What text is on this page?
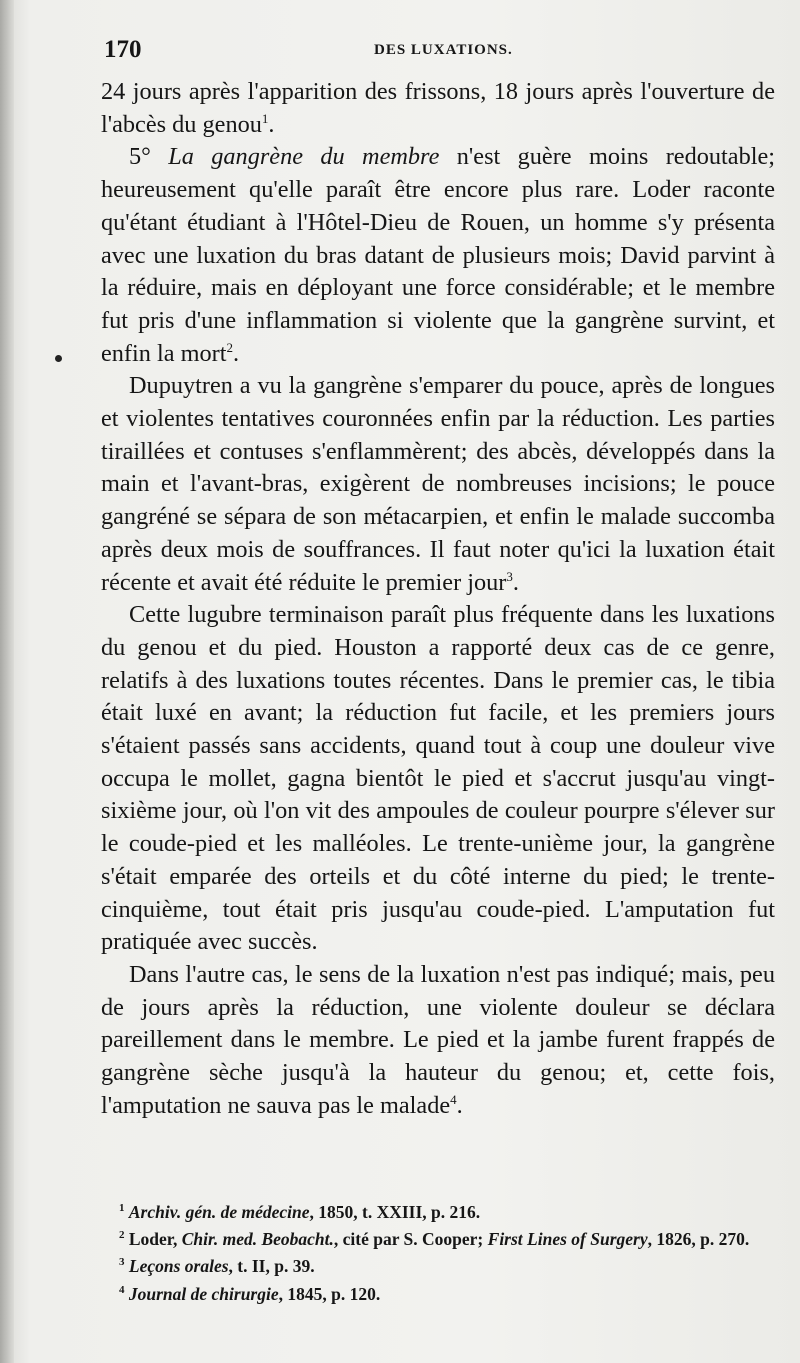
170	DES LUXATIONS.

24 jours après l'apparition des frissons, 18 jours après l'ouverture de l'abcès du genou$^1$.

5° La gangrène du membre n'est guère moins redoutable; heureusement qu'elle paraît être encore plus rare. Loder raconte qu'étant étudiant à l'Hôtel-Dieu de Rouen, un homme s'y présenta avec une luxation du bras datant de plusieurs mois; David parvint à la réduire, mais en déployant une force considérable; et le membre fut pris d'une inflammation si violente que la gangrène survint, et enfin la mort$^2$.

Dupuytren a vu la gangrène s'emparer du pouce, après de longues et violentes tentatives couronnées enfin par la réduction. Les parties tiraillées et contuses s'enflammèrent; des abcès, développés dans la main et l'avant-bras, exigèrent de nombreuses incisions; le pouce gangréné se sépara de son métacarpien, et enfin le malade succomba après deux mois de souffrances. Il faut noter qu'ici la luxation était récente et avait été réduite le premier jour$^3$.

Cette lugubre terminaison paraît plus fréquente dans les luxations du genou et du pied. Houston a rapporté deux cas de ce genre, relatifs à des luxations toutes récentes. Dans le premier cas, le tibia était luxé en avant; la réduction fut facile, et les premiers jours s'étaient passés sans accidents, quand tout à coup une douleur vive occupa le mollet, gagna bientôt le pied et s'accrut jusqu'au vingt-sixième jour, où l'on vit des ampoules de couleur pourpre s'élever sur le coude-pied et les malléoles. Le trente-unième jour, la gangrène s'était emparée des orteils et du côté interne du pied; le trente-cinquième, tout était pris jusqu'au coude-pied. L'amputation fut pratiquée avec succès.

Dans l'autre cas, le sens de la luxation n'est pas indiqué; mais, peu de jours après la réduction, une violente douleur se déclara pareillement dans le membre. Le pied et la jambe furent frappés de gangrène sèche jusqu'à la hauteur du genou; et, cette fois, l'amputation ne sauva pas le malade$^4$.

$^1$ Archiv. gén. de médecine, 1850, t. XXIII, p. 216.

$^2$ Loder, Chir. med. Beobacht., cité par S. Cooper; First Lines of Surgery, 1826, p. 270.

$^3$ Leçons orales, t. II, p. 39.

$^4$ Journal de chirurgie, 1845, p. 120.
